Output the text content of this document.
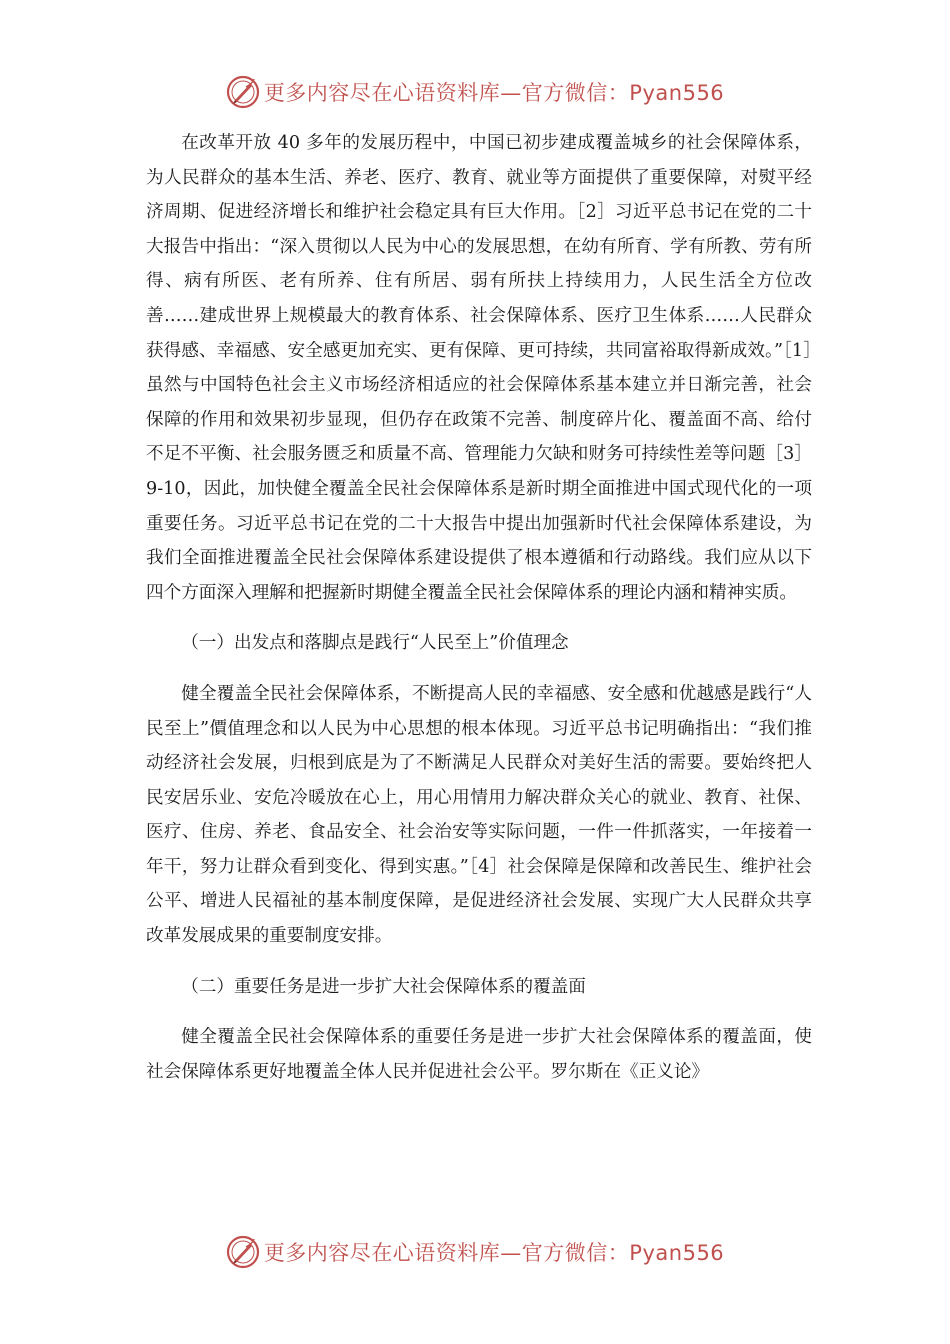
更多内容尽在心语资料库—官方微信：Pyan556

在改革开放 40 多年的发展历程中，中国已初步建成覆盖城乡的社会保障体系，为人民群众的基本生活、养老、医疗、教育、就业等方面提供了重要保障，对熨平经济周期、促进经济增长和维护社会稳定具有巨大作用。［2］习近平总书记在党的二十大报告中指出：“深入贯彻以人民为中心的发展思想，在幼有所育、学有所教、劳有所得、病有所医、老有所养、住有所居、弱有所扶上持续用力，人民生活全方位改善……建成世界上规模最大的教育体系、社会保障体系、医疗卫生体系……人民群众获得感、幸福感、安全感更加充实、更有保障、更可持续，共同富裕取得新成效。”［1］虽然与中国特色社会主义市场经济相适应的社会保障体系基本建立并日渐完善，社会保障的作用和效果初步显现，但仍存在政策不完善、制度碎片化、覆盖面不高、给付不足不平衡、社会服务匮乏和质量不高、管理能力欠缺和财务可持续性差等问题［3］9-10，因此，加快健全覆盖全民社会保障体系是新时期全面推进中国式现代化的一项重要任务。习近平总书记在党的二十大报告中提出加强新时代社会保障体系建设，为我们全面推进覆盖全民社会保障体系建设提供了根本遵循和行动路线。我们应从以下四个方面深入理解和把握新时期健全覆盖全民社会保障体系的理论内涵和精神实质。

（一）出发点和落脚点是践行“人民至上”价值理念

健全覆盖全民社会保障体系，不断提高人民的幸福感、安全感和优越感是践行“人民至上”價值理念和以人民为中心思想的根本体现。习近平总书记明确指出：“我们推动经济社会发展，归根到底是为了不断满足人民群众对美好生活的需要。要始终把人民安居乐业、安危冷暖放在心上，用心用情用力解决群众关心的就业、教育、社保、医疗、住房、养老、食品安全、社会治安等实际问题，一件一件抓落实，一年接着一年干，努力让群众看到变化、得到实惠。”［4］社会保障是保障和改善民生、维护社会公平、增进人民福祉的基本制度保障，是促进经济社会发展、实现广大人民群众共享改革发展成果的重要制度安排。

（二）重要任务是进一步扩大社会保障体系的覆盖面

健全覆盖全民社会保障体系的重要任务是进一步扩大社会保障体系的覆盖面，使社会保障体系更好地覆盖全体人民并促进社会公平。罗尔斯在《正义论》

更多内容尽在心语资料库—官方微信：Pyan556
